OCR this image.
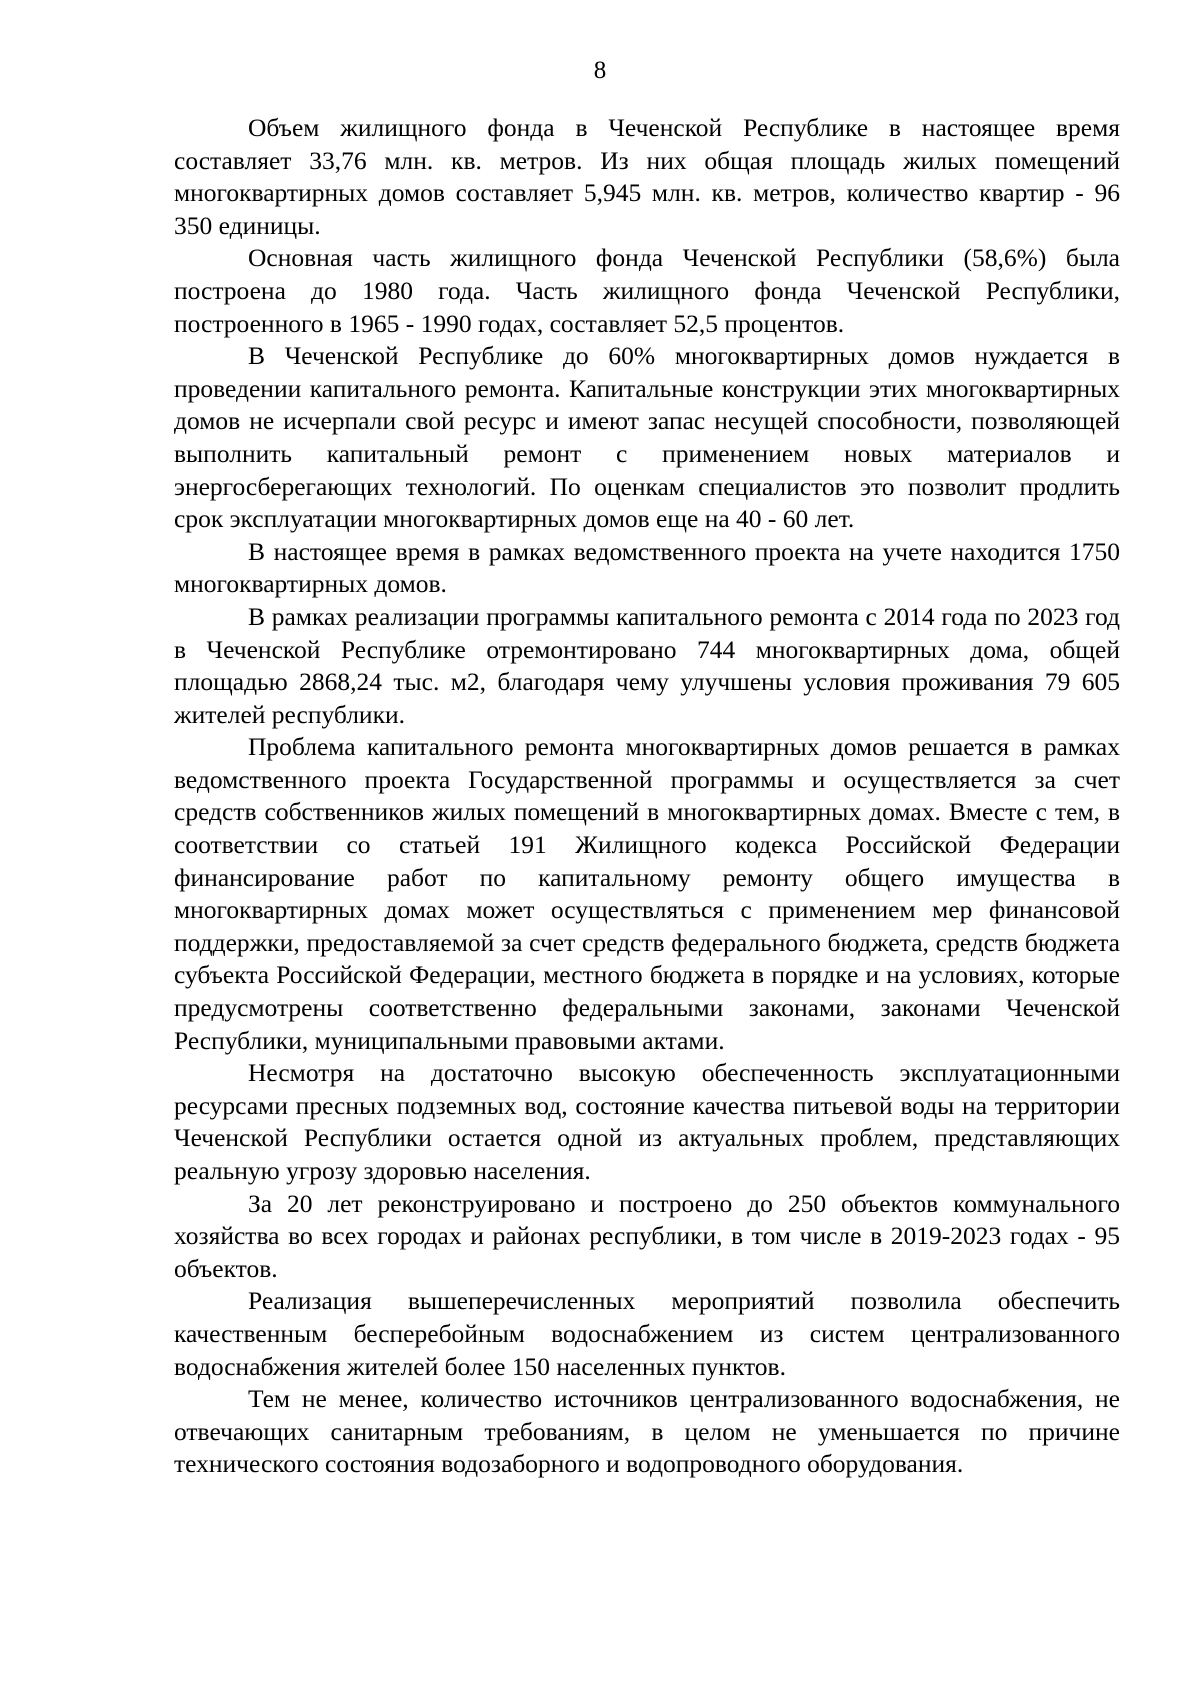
8

Объем жилищного фонда в Чеченской Республике в настоящее время составляет 33,76 млн. кв. метров. Из них общая площадь жилых помещений многоквартирных домов составляет 5,945 млн. кв. метров, количество квартир - 96 350 единицы.

Основная часть жилищного фонда Чеченской Республики (58,6%) была построена до 1980 года. Часть жилищного фонда Чеченской Республики, построенного в 1965 - 1990 годах, составляет 52,5 процентов.

В Чеченской Республике до 60% многоквартирных домов нуждается в проведении капитального ремонта. Капитальные конструкции этих многоквартирных домов не исчерпали свой ресурс и имеют запас несущей способности, позволяющей выполнить капитальный ремонт с применением новых материалов и энергосберегающих технологий. По оценкам специалистов это позволит продлить срок эксплуатации многоквартирных домов еще на 40 - 60 лет.

В настоящее время в рамках ведомственного проекта на учете находится 1750 многоквартирных домов.

В рамках реализации программы капитального ремонта с 2014 года по 2023 год в Чеченской Республике отремонтировано 744 многоквартирных дома, общей площадью 2868,24 тыс. м2, благодаря чему улучшены условия проживания 79 605 жителей республики.

Проблема капитального ремонта многоквартирных домов решается в рамках ведомственного проекта Государственной программы и осуществляется за счет средств собственников жилых помещений в многоквартирных домах. Вместе с тем, в соответствии со статьей 191 Жилищного кодекса Российской Федерации финансирование работ по капитальному ремонту общего имущества в многоквартирных домах может осуществляться с применением мер финансовой поддержки, предоставляемой за счет средств федерального бюджета, средств бюджета субъекта Российской Федерации, местного бюджета в порядке и на условиях, которые предусмотрены соответственно федеральными законами, законами Чеченской Республики, муниципальными правовыми актами.

Несмотря на достаточно высокую обеспеченность эксплуатационными ресурсами пресных подземных вод, состояние качества питьевой воды на территории Чеченской Республики остается одной из актуальных проблем, представляющих реальную угрозу здоровью населения.

За 20 лет реконструировано и построено до 250 объектов коммунального хозяйства во всех городах и районах республики, в том числе в 2019-2023 годах - 95 объектов.

Реализация вышеперечисленных мероприятий позволила обеспечить качественным бесперебойным водоснабжением из систем централизованного водоснабжения жителей более 150 населенных пунктов.

Тем не менее, количество источников централизованного водоснабжения, не отвечающих санитарным требованиям, в целом не уменьшается по причине технического состояния водозаборного и водопроводного оборудования.
